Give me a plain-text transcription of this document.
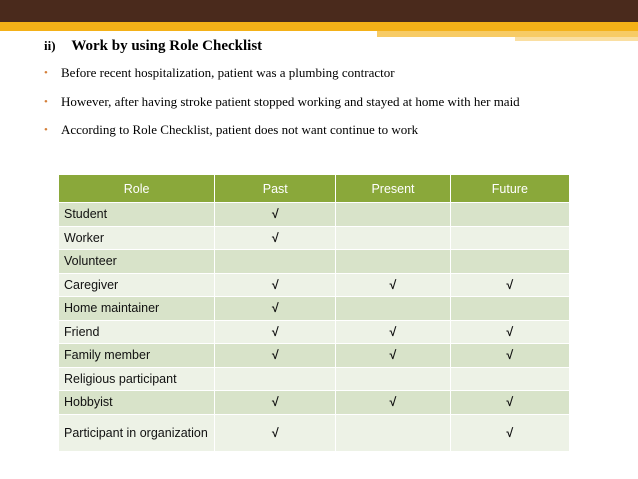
ii) Work by using Role Checklist
• Before recent hospitalization, patient was a plumbing contractor
• However, after having stroke patient stopped working and stayed at home with her maid
• According to Role Checklist, patient does not want continue to work
Role	Past	Present	Future
Student	√		
Worker	√		
Volunteer			
Caregiver	√	√	√
Home maintainer	√		
Friend	√	√	√
Family member	√	√	√
Religious participant			
Hobbyist	√	√	√
Participant in organization	√		√
